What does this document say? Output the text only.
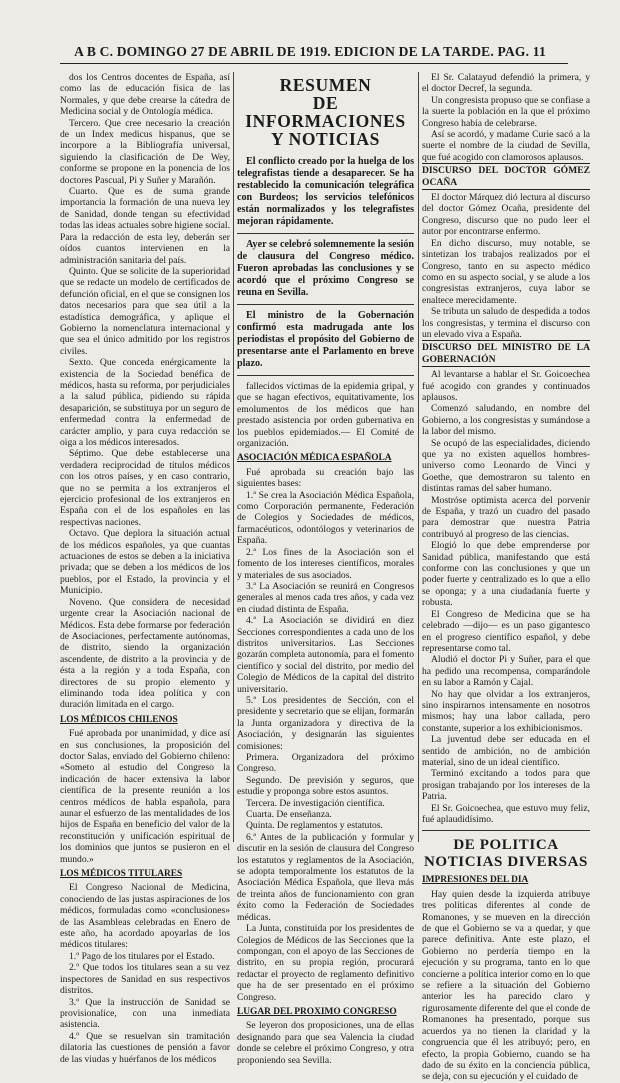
A B C. DOMINGO 27 DE ABRIL DE 1919. EDICION DE LA TARDE. PAG. 11

dos los Centros docentes de España, así como las de educación física de las Normales, y que debe crearse la cátedra de Medicina social y de Ontología médica.

Tercero. Que cree necesario la creación de un Index medicus hispanus, que se incorpore a la Bibliografía universal, siguiendo la clasificación de De Wey, conforme se propone en la ponencia de los doctores Pascual, Pi y Suñer y Marañón.

Cuarto. Que es de suma grande importancia la formación de una nueva ley de Sanidad, donde tengan su efectividad todas las ideas actuales sobre higiene social. Para la redacción de esta ley, deberán ser oídos cuantos intervienen en la administración sanitaria del país.

Quinto. Que se solicite de la superioridad que se redacte un modelo de certificados de defunción oficial, en el que se consignen los datos necesarios para que sea útil a la estadística demográfica, y aplique el Gobierno la nomenclatura internacional y que sea el único admitido por los registros civiles.

Sexto. Que conceda enérgicamente la existencia de la Sociedad benéfica de médicos, hasta su reforma, por perjudiciales a la salud pública, pidiendo su rápida desaparición, se substituya por un seguro de enfermedad contra la enfermedad de carácter amplio, y para cuya redacción se oiga a los médicos interesados.

Séptimo. Que debe establecerse una verdadera reciprocidad de títulos médicos con los otros países, y en caso contrario, que no se permita a los extranjeros el ejercicio profesional de los extranjeros en España con el de los españoles en las respectivas naciones.

Octavo. Que deplora la situación actual de los médicos españoles, ya que cuantas actuaciones de estos se deben a la iniciativa privada; que se deben a los médicos de los pueblos, por el Estado, la provincia y el Municipio.

Noveno. Que considera de necesidad urgente crear la Asociación nacional de Médicos. Esta debe formarse por federación de Asociaciones, perfectamente autónomas, de distrito, siendo la organización ascendente, de distrito a la provincia y de ésta a la región y a toda España, con directores de su propio elemento y eliminando toda idea política y con duración limitada en el cargo.

LOS MÉDICOS CHILENOS

Fué aprobada por unanimidad, y dice así en sus conclusiones, la proposición del doctor Salas, enviado del Gobierno chileno: «Someto al estudio del Congreso la indicación de hacer extensiva la labor científica de la presente reunión a los centros médicos de habla española, para aunar el esfuerzo de las mentalidades de los hijos de España en beneficio del valor de la reconstitución y unificación espiritual de los dominios que juntos se pusieron en el mundo.»

LOS MÉDICOS TITULARES

El Congreso Nacional de Medicina, conociendo de las justas aspiraciones de los médicos, formuladas como «conclusiones» de las Asambleas celebradas en Enero de este año, ha acordado apoyarlas de los médicos titulares:

1.º Pago de los titulares por el Estado.

2.º Que todos los titulares sean a su vez inspectores de Sanidad en sus respectivos distritos.

3.º Que la instrucción de Sanidad se provisionalice, con una inmediata asistencia.

4.º Que se resuelvan sin tramitación dilatoria las cuestiones de pensión a favor de las viudas y huérfanos de los médicos

RESUMEN
DE INFORMACIONES
Y NOTICIAS

El conflicto creado por la huelga de los telegrafistas tiende a desaparecer. Se ha restablecido la comunicación telegráfica con Burdeos; los servicios telefónicos están normalizados y los telegrafistes mejoran rápidamente.

Ayer se celebró solemnemente la sesión de clausura del Congreso médico. Fueron aprobadas las conclusiones y se acordó que el próximo Congreso se reuna en Sevilla.

El ministro de la Gobernación confirmó esta madrugada ante los periodistas el propósito del Gobierno de presentarse ante el Parlamento en breve plazo.

fallecidos víctimas de la epidemia gripal, y que se hagan efectivos, equitativamente, los emolumentos de los médicos que han prestado asistencia por orden gubernativa en los pueblos epidemiados.— El Comité de organización.

ASOCIACIÓN MÉDICA ESPAÑOLA

Fué aprobada su creación bajo las siguientes bases:

1.ª Se crea la Asociación Médica Española, como Corporación permanente, Federación de Colegios y Sociedades de médicos, farmacéuticos, odontólogos y veterinarios de España.

2.ª Los fines de la Asociación son el fomento de los intereses científicos, morales y materiales de sus asociados.

3.ª La Asociación se reunirá en Congresos generales al menos cada tres años, y cada vez en ciudad distinta de España.

4.ª La Asociación se dividirá en diez Secciones correspondientes a cada uno de los distritos universitarios. Las Secciones gozarán completa autonomía, para el fomento científico y social del distrito, por medio del Colegio de Médicos de la capital del distrito universitario.

5.ª Los presidentes de Sección, con el presidente y secretario que se elijan, formarán la Junta organizadora y directiva de la Asociación, y designarán las siguientes comisiones:

Primera. Organizadora del próximo Congreso.

Segundo. De previsión y seguros, que estudie y proponga sobre estos asuntos.

Tercera. De investigación científica.

Cuarta. De enseñanza.

Quinta. De reglamentos y estatutos.

6.ª Antes de la publicación y formular y discutir en la sesión de clausura del Congreso los estatutos y reglamentos de la Asociación, se adopta temporalmente los estatutos de la Asociación Médica Española, que lleva más de treinta años de funcionamiento con gran éxito como la Federación de Sociedades médicas.

La Junta, constituida por los presidentes de Colegios de Médicos de las Secciones que la compongan, con el apoyo de las Secciones de distrito, en su propia región, procurará redactar el proyecto de reglamento definitivo que ha de ser presentado en el próximo Congreso.

LUGAR DEL PROXIMO CONGRESO

Se leyeron dos proposiciones, una de ellas designando para que sea Valencia la ciudad donde se celebre el próximo Congreso, y otra proponiendo sea Sevilla.

El Sr. Calatayud defendió la primera, y el doctor Decref, la segunda.

Un congresista propuso que se confiase a la suerte la población en la que el próximo Congreso había de celebrarse.

Así se acordó, y madame Curie sacó a la suerte el nombre de la ciudad de Sevilla, que fué acogido con clamorosos aplausos.

DISCURSO DEL DOCTOR GÓMEZ OCAÑA

El doctor Márquez dió lectura al discurso del doctor Gómez Ocaña, presidente del Congreso, discurso que no pudo leer el autor por encontrarse enfermo.

En dicho discurso, muy notable, se sintetizan los trabajos realizados por el Congreso, tanto en su aspecto médico como en su aspecto social, y se alude a los congresistas extranjeros, cuya labor se enaltece merecidamente.

Se tributa un saludo de despedida a todos los congresistas, y termina el discurso con un elevado viva a España.

DISCURSO DEL MINISTRO DE LA GOBERNACIÓN

Al levantarse a hablar el Sr. Goicoechea fué acogido con grandes y continuados aplausos.

Comenzó saludando, en nombre del Gobierno, a los congresistas y sumándose a la labor del mismo.

Se ocupó de las especialidades, diciendo que ya no existen aquellos hombres-universo como Leonardo de Vinci y Goethe, que demostraron su talento en distintas ramas del saber humano.

Mostróse optimista acerca del porvenir de España, y trazó un cuadro del pasado para demostrar que nuestra Patria contribuyó al progreso de las ciencias.

Elogió lo que debe emprenderse por Sanidad pública, manifestando que está conforme con las conclusiones y que un poder fuerte y centralizado es lo que a ello se oponga; y a una ciudadanía fuerte y robusta.

El Congreso de Medicina que se ha celebrado —dijo— es un paso gigantesco en el progreso científico español, y debe representarse como tal.

Aludió el doctor Pi y Suñer, para el que ha pedido una recompensa, comparándole en su labor a Ramón y Cajal.

No hay que olvidar a los extranjeros, sino inspirarnos intensamente en nosotros mismos; hay una labor callada, pero constante, superior a los exhibicionismos.

La juventud debe ser educada en el sentido de ambición, no de ambición material, sino de un ideal científico.

Terminó excitando a todos para que prosigan trabajando por los intereses de la Patria.

El Sr. Goicoechea, que estuvo muy feliz, fué aplaudidísimo.

DE POLITICA
NOTICIAS DIVERSAS
IMPRESIONES DEL DIA

Hay quien desde la izquierda atribuye tres políticas diferentes al conde de Romanones, y se mueven en la dirección de que el Gobierno se va a quedar, y que parece definitiva. Ante este plazo, el Gobierno no perdería tiempo en la ejecución y su programa, tanto en lo que concierne a política interior como en lo que se refiere a la situación del Gobierno anterior les ha parecido claro y rigurosamente diferente del que el conde de Romanones ha presentado, porque sus acuerdos ya no tienen la claridad y la congruencia que él les atribuyó; pero, en efecto, la propia Gobierno, cuando se ha dado de su éxito en la conciencia pública, se deja, con su ejecución y el cuidado de
